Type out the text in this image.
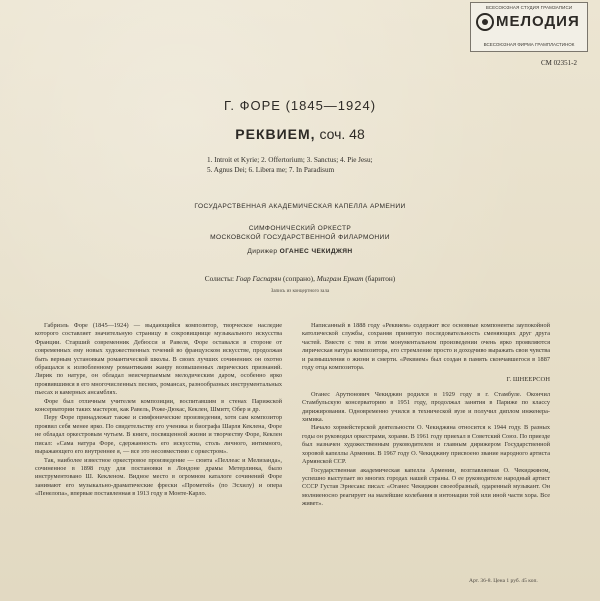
ВСЕСОЮЗНАЯ СТУДИЯ ГРАМЗАПИСИ
МЕЛОДИЯ
ВСЕСОЮЗНАЯ ФИРМА ГРАМПЛАСТИНОК
СМ 02351-2
Г. ФОРЕ (1845—1924)
РЕКВИЕМ, соч. 48
1. Introit et Kyrie; 2. Offertorium; 3. Sanctus; 4. Pie Jesu;
5. Agnus Dei; 6. Libera me; 7. In Paradisum
ГОСУДАРСТВЕННАЯ АКАДЕМИЧЕСКАЯ КАПЕЛЛА АРМЕНИИ
СИМФОНИЧЕСКИЙ ОРКЕСТР
МОСКОВСКОЙ ГОСУДАРСТВЕННОЙ ФИЛАРМОНИИ
Дирижер ОГАНЕС ЧЕКИДЖЯН
Солисты: Гоар Гаспарян (сопрано), Миграм Еркат (баритон)
Запись из концертного зала

Габриэль Форе (1845—1924) — выдающийся композитор, творческое наследие которого составляет значительную страницу в сокровищнице музыкального искусства Франции. Старший современник Дебюсси и Равеля, Форе оставался в стороне от современных ему новых художественных течений во французском искусстве, продолжая быть верным установкам романтической школы. В своих лучших сочинениях он охотно обращался к излюбленному романтиками жанру возвышенных лирических признаний. Лирик по натуре, он обладал неисчерпаемым мелодическим даром, особенно ярко проявившимся в его многочисленных песнях, романсах, разнообразных инструментальных пьесах и камерных ансамблях.

Форе был отличным учителем композиции, воспитавшим в стенах Парижской консерватории таких мастеров, как Равель, Роже-Дюкас, Кеклен, Шмитт, Обер и др.

Перу Форе принадлежат также и симфонические произведения, хотя сам композитор проявил себя менее ярко. По свидетельству его ученика и биографа Шарля Кеклена, Форе не обладал оркестровым чутьем. В книге, посвященной жизни и творчеству Форе, Кеклен писал: «Сама натура Форе, сдержанность его искусства, столь личного, интимного, выражающего его внутреннее я, — все это несовместимо с оркестром».

Так, наиболее известное оркестровое произведение — сюита «Пеллеас и Мелизанда», сочиненное в 1898 году для постановки в Лондоне драмы Метерлинка, было инструментовано Ш. Кекленом. Видное место в огромном каталоге сочинений Форе занимают его музыкально-драматические фрески «Прометей» (по Эсхилу) и опера «Пенелопа», впервые поставленная в 1913 году в Монте-Карло.

Написанный в 1888 году «Реквием» содержит все основные компоненты заупокойной католической службы, сохраняя принятую последовательность сменяющих друг друга частей. Вместе с тем в этом монументальном произведении очень ярко проявляются лирическая натура композитора, его стремление просто и доходчиво выражать свои чувства и размышления о жизни и смерти. «Реквием» был создан в память скончавшегося в 1887 году отца композитора.

Г. ШНЕЕРСОН

Оганес Арутюнович Чекиджян родился в 1929 году в г. Стамбуле. Окончил Стамбульскую консерваторию в 1951 году, продолжал занятия в Париже по классу дирижирования. Одновременно учился в технической вузе и получил диплом инженера-химика.

Начало хормейстерской деятельности О. Чекиджяна относится к 1944 году. В разных годы он руководил оркестрами, хорами. В 1961 году приехал в Советский Союз. По приезде был назначен художественным руководителем и главным дирижером Государственной хоровой капеллы Армении. В 1967 году О. Чекиджяну присвоено звание народного артиста Армянской ССР.

Государственная академическая капелла Армении, возглавляемая О. Чекиджяном, успешно выступает во многих городах нашей страны. О ее руководителе народный артист СССР Густав Эрнесакс писал: «Оганес Чекиджян своеобразный, одаренный музыкант. Он молниеносно реагирует на малейшие колебания в интонации той или иной части хора. Все живет».

Арт. 36-8. Цена 1 руб. 45 коп.
